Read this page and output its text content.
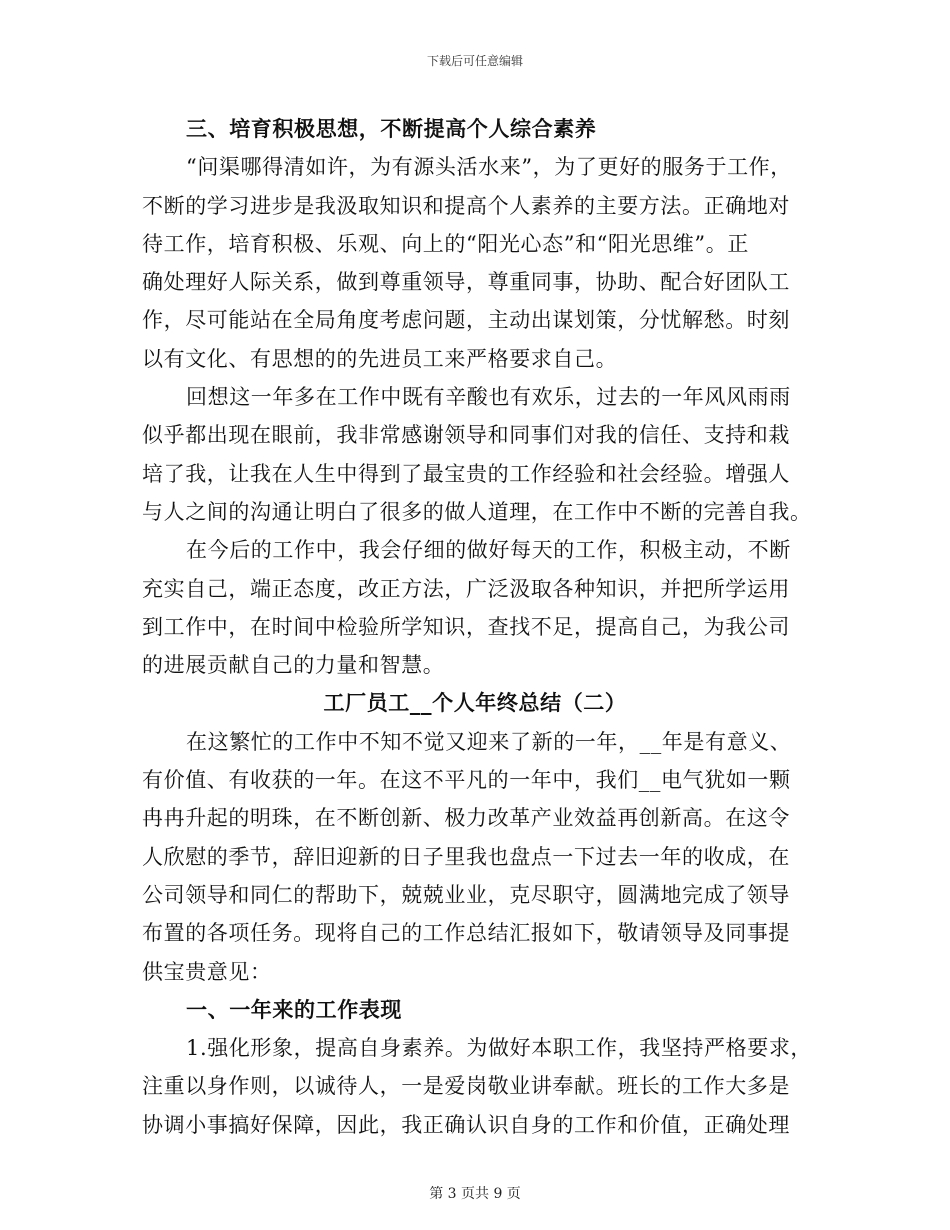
下载后可任意编辑
三、培育积极思想，不断提高个人综合素养
“问渠哪得清如许，为有源头活水来”，为了更好的服务于工作，
不断的学习进步是我汲取知识和提高个人素养的主要方法。正确地对
待工作，培育积极、乐观、向上的“阳光心态”和“阳光思维”。正
确处理好人际关系，做到尊重领导，尊重同事，协助、配合好团队工
作，尽可能站在全局角度考虑问题，主动出谋划策，分忧解愁。时刻
以有文化、有思想的的先进员工来严格要求自己。
回想这一年多在工作中既有辛酸也有欢乐，过去的一年风风雨雨
似乎都出现在眼前，我非常感谢领导和同事们对我的信任、支持和栽
培了我，让我在人生中得到了最宝贵的工作经验和社会经验。增强人
与人之间的沟通让明白了很多的做人道理，在工作中不断的完善自我。
在今后的工作中，我会仔细的做好每天的工作，积极主动，不断
充实自己，端正态度，改正方法，广泛汲取各种知识，并把所学运用
到工作中，在时间中检验所学知识，查找不足，提高自己，为我公司
的进展贡献自己的力量和智慧。
工厂员工__个人年终总结（二）
在这繁忙的工作中不知不觉又迎来了新的一年，__年是有意义、
有价值、有收获的一年。在这不平凡的一年中，我们__电气犹如一颗
冉冉升起的明珠，在不断创新、极力改革产业效益再创新高。在这令
人欣慰的季节，辞旧迎新的日子里我也盘点一下过去一年的收成，在
公司领导和同仁的帮助下，兢兢业业，克尽职守，圆满地完成了领导
布置的各项任务。现将自己的工作总结汇报如下，敬请领导及同事提
供宝贵意见：
一、一年来的工作表现
1.强化形象，提高自身素养。为做好本职工作，我坚持严格要求，
注重以身作则，以诚待人，一是爱岗敬业讲奉献。班长的工作大多是
协调小事搞好保障，因此，我正确认识自身的工作和价值，正确处理
第 3 页共 9 页
